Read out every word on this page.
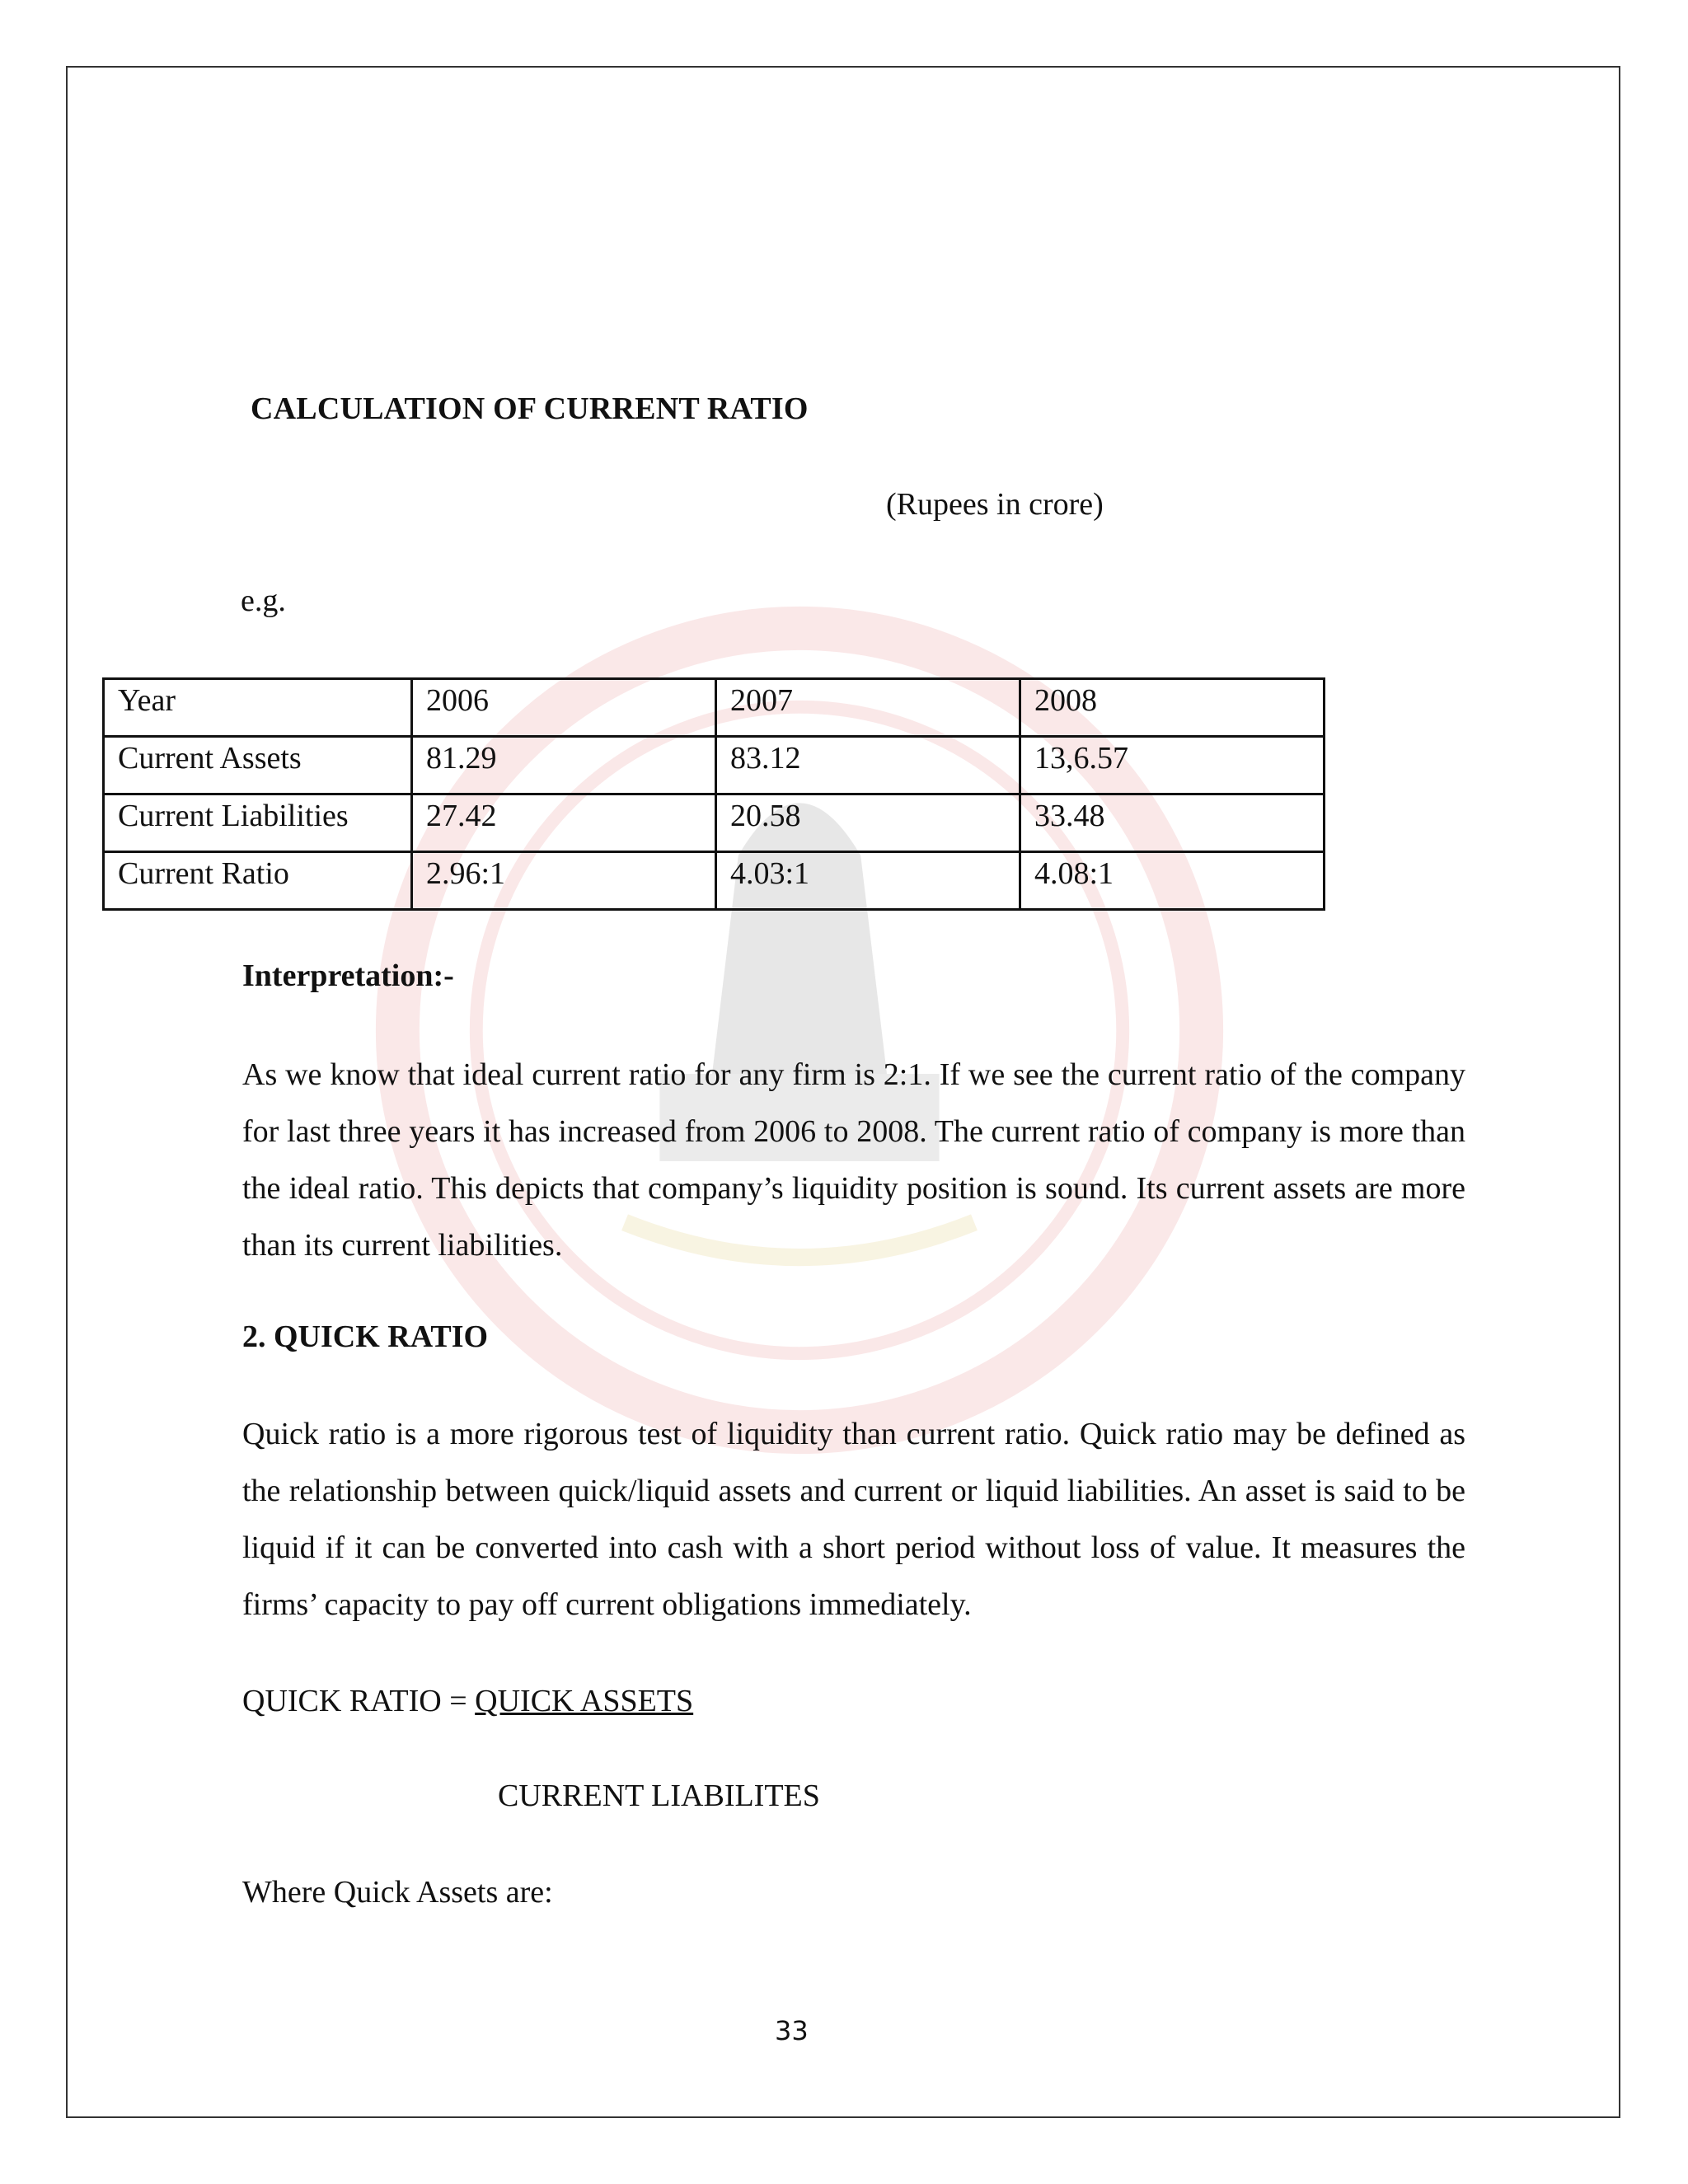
CALCULATION OF CURRENT RATIO
(Rupees in crore)
e.g.
Year	2006	2007	2008
Current Assets	81.29	83.12	13,6.57
Current Liabilities	27.42	20.58	33.48
Current Ratio	2.96:1	4.03:1	4.08:1
Interpretation:-
As we know that ideal current ratio for any firm is 2:1. If we see the current ratio of the company for last three years it has increased from 2006 to 2008. The current ratio of company is more than the ideal ratio. This depicts that company’s liquidity position is sound. Its current assets are more than its current liabilities.
2. QUICK RATIO
Quick ratio is a more rigorous test of liquidity than current ratio. Quick ratio may be defined as the relationship between quick/liquid assets and current or liquid liabilities. An asset is said to be liquid if it can be converted into cash with a short period without loss of value. It measures the firms’ capacity to pay off current obligations immediately.
QUICK RATIO = QUICK ASSETS
CURRENT LIABILITES
Where Quick Assets are:
33
